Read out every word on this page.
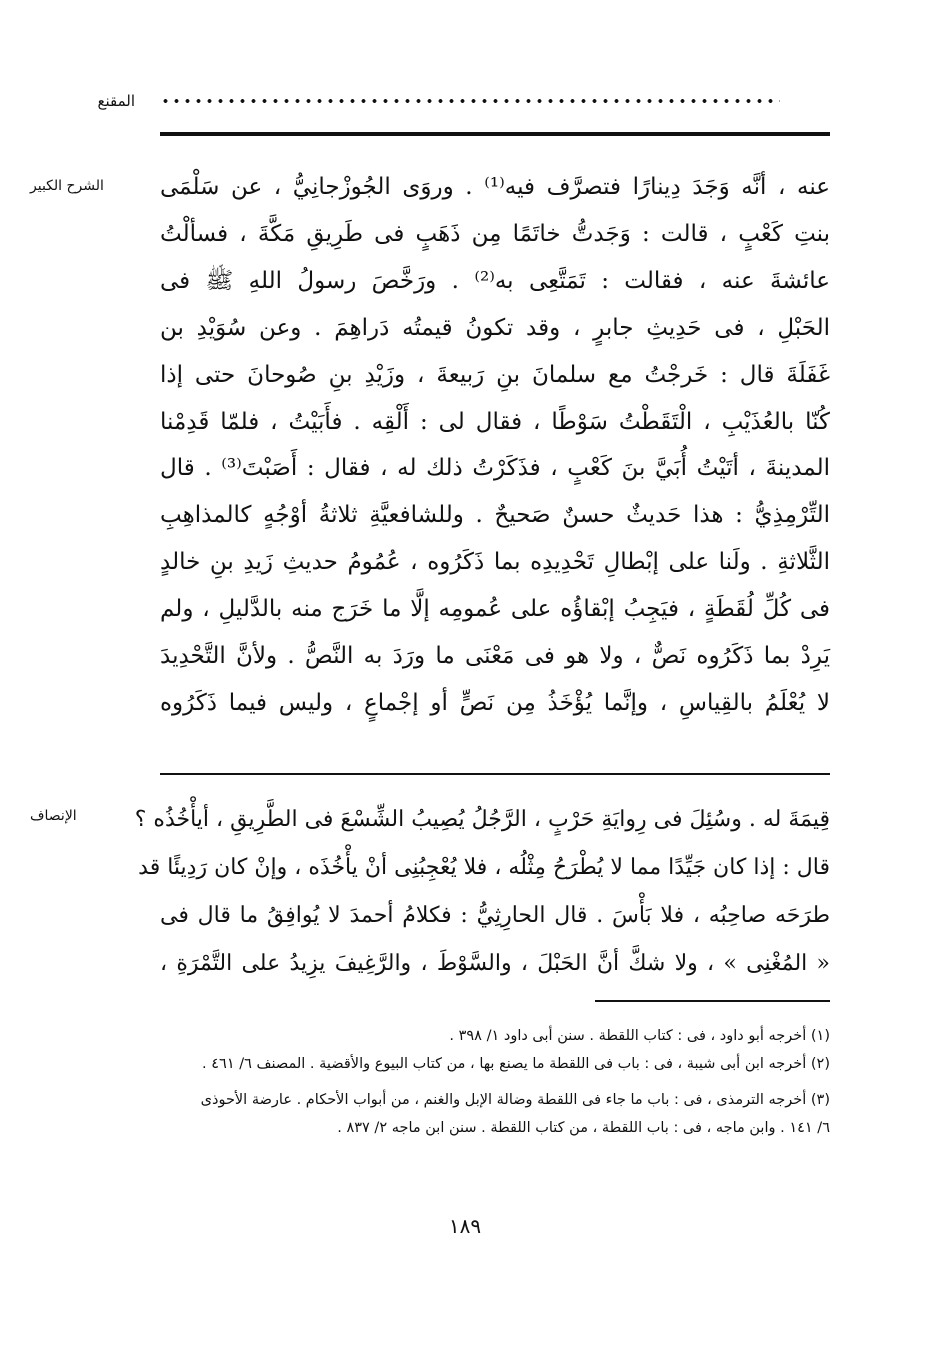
المقنع
الشرح الكبير	عنه ، أنَّه وَجَدَ دِينارًا فتصرَّف فيه⁽¹⁾ . وروَى الجُوزْجانِيُّ ، عن سَلْمَى
بنتِ كَعْبٍ ، قالت : وَجَدتُّ خاتَمًا مِن ذَهَبٍ فى طَرِيقِ مَكَّةَ ، فسألْتُ
عائشةَ عنه ، فقالت : تَمَتَّعِى به⁽²⁾ . ورَخَّصَ رسولُ اللهِ ﷺ فى
الحَبْلِ ، فى حَدِيثِ جابرٍ ، وقد تكونُ قيمتُه دَراهِمَ . وعن سُوَيْدِ بن
غَفَلَةَ قال : خَرجْتُ مع سلمانَ بنِ رَبيعةَ ، وزَيْدِ بنِ صُوحانَ حتى إذا
كُنّا بالعُذَيْبِ ، الْتَقَطْتُ سَوْطًا ، فقال لى : أَلْقِه . فأَبَيْتُ ، فلمّا قَدِمْنا
المدينةَ ، أتَيْتُ أُبَيَّ بنَ كَعْبٍ ، فذَكَرْتُ ذلك له ، فقال : أَصَبْتَ⁽³⁾ . قال
التِّرْمِذِيُّ : هذا حَديثٌ حسنٌ صَحيحٌ . وللشافعيَّةِ ثلاثةُ أوْجُهٍ كالمذاهِبِ
الثَّلاثةِ . ولَنا على إبْطالِ تَحْدِيدِه بما ذَكَرُوه ، عُمُومُ حديثِ زَيدِ بنِ خالدٍ
فى كُلِّ لُقَطَةٍ ، فيَجِبُ إبْقاؤُه على عُمومِه إلَّا ما خَرَج منه بالدَّليلِ ، ولم
يَرِدْ بما ذَكَرُوه نَصٌّ ، ولا هو فى مَعْنَى ما ورَدَ به النَّصُّ . ولأنَّ التَّحْدِيدَ
لا يُعْلَمُ بالقِياسِ ، وإنَّما يُؤْخَذُ مِن نَصٍّ أو إجْماعٍ ، وليس فيما ذَكَرُوه
الإنصاف	قِيمَةَ له . وسُئِلَ فى رِوايَةِ حَرْبٍ ، الرَّجُلُ يُصِيبُ الشِّسْعَ فى الطَّرِيقِ ، أيأْخُذُه ؟
قال : إذا كان جَيِّدًا مما لا يُطْرَحُ مِثْلُه ، فلا يُعْجِبُنِى أنْ يأْخُذَه ، وإنْ كان رَدِيئًا قد
طرَحَه صاحِبُه ، فلا بَأْسَ . قال الحارِثِيُّ : فكلامُ أحمدَ لا يُوافِقُ ما قال فى
« المُغْنِى » ، ولا شكَّ أنَّ الحَبْلَ ، والسَّوْطَ ، والرَّغِيفَ يزِيدُ على التَّمْرَةِ ،
(١) أخرجه أبو داود ، فى : كتاب اللقطة . سنن أبى داود ١/ ٣٩٨ .
(٢) أخرجه ابن أبى شيبة ، فى : باب فى اللقطة ما يصنع بها ، من كتاب البيوع والأقضية . المصنف ٦/ ٤٦١ .
(٣) أخرجه الترمذى ، فى : باب ما جاء فى اللقطة وضالة الإبل والغنم ، من أبواب الأحكام . عارضة الأحوذى
٦/ ١٤١ . وابن ماجه ، فى : باب اللقطة ، من كتاب اللقطة . سنن ابن ماجه ٢/ ٨٣٧ .
١٨٩
